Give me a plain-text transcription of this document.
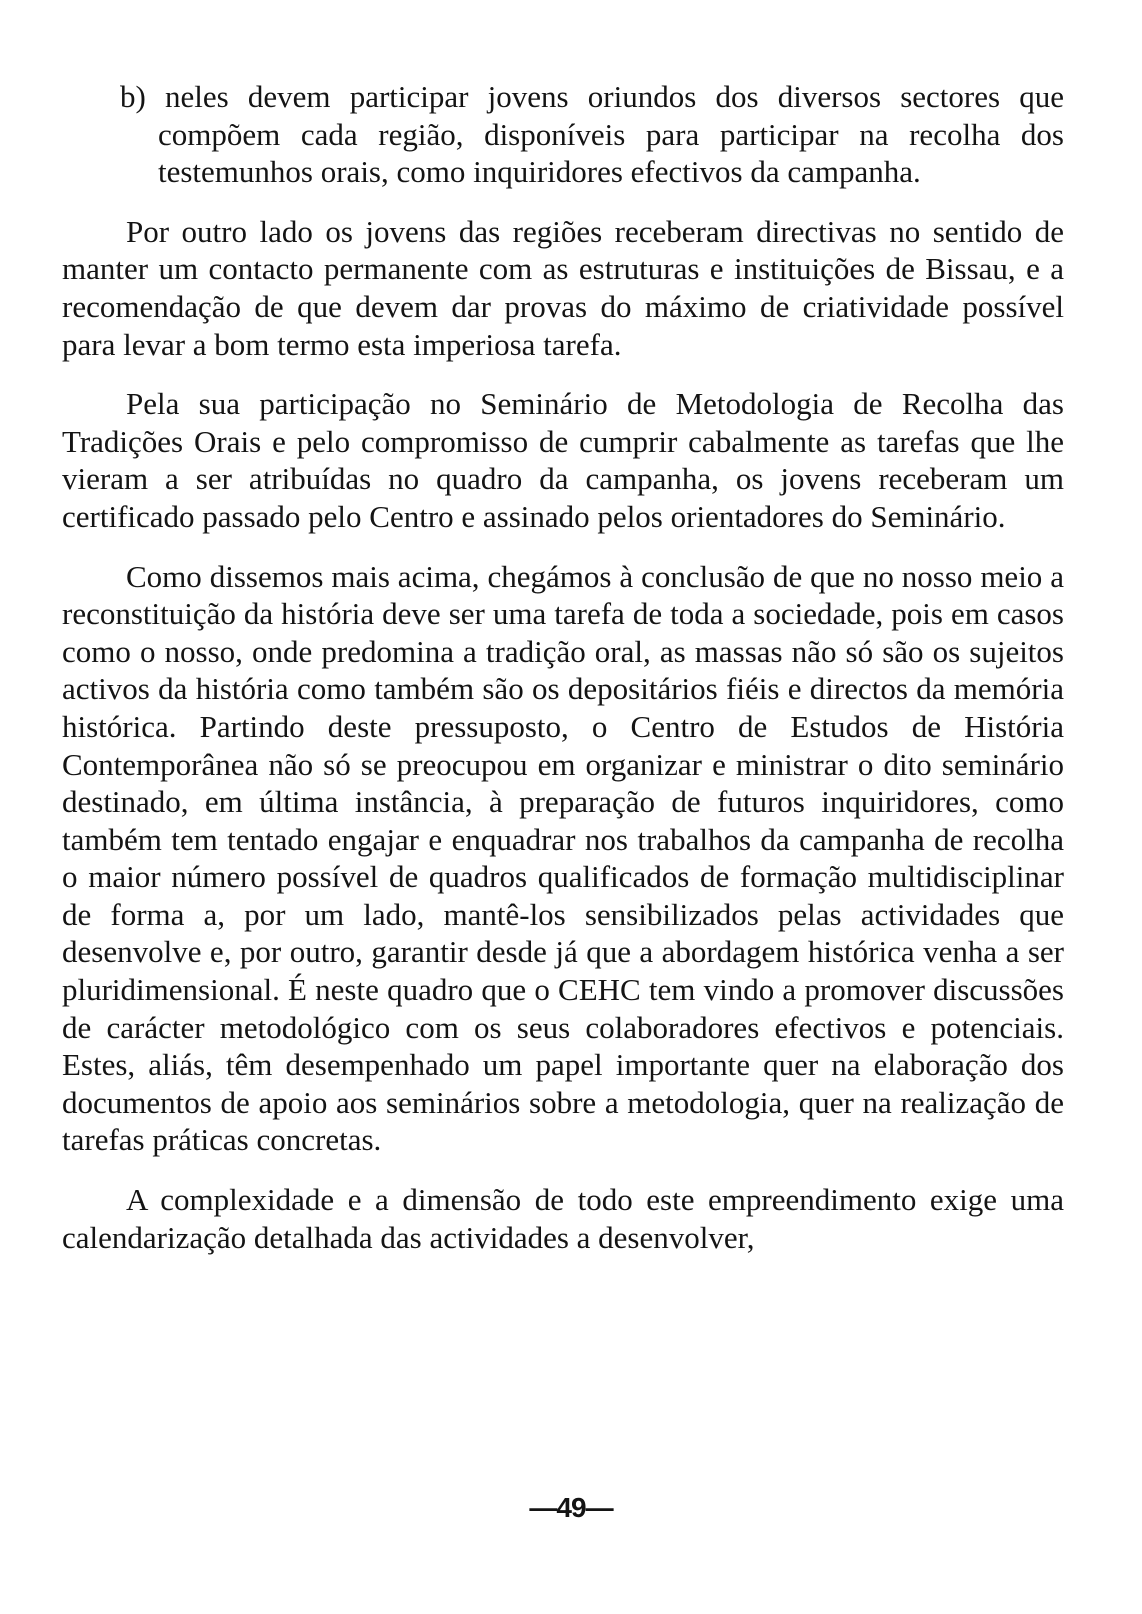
b) neles devem participar jovens oriundos dos diversos sectores que compõem cada região, disponíveis para participar na recolha dos testemunhos orais, como inquiridores efectivos da campanha.

Por outro lado os jovens das regiões receberam directivas no sentido de manter um contacto permanente com as estruturas e instituições de Bissau, e a recomendação de que devem dar provas do máximo de criatividade possível para levar a bom termo esta imperiosa tarefa.

Pela sua participação no Seminário de Metodologia de Recolha das Tradições Orais e pelo compromisso de cumprir cabalmente as tarefas que lhe vieram a ser atribuídas no quadro da campanha, os jovens receberam um certificado passado pelo Centro e assinado pelos orientadores do Seminário.

Como dissemos mais acima, chegámos à conclusão de que no nosso meio a reconstituição da história deve ser uma tarefa de toda a sociedade, pois em casos como o nosso, onde predomina a tradição oral, as massas não só são os sujeitos activos da história como também são os depositários fiéis e directos da memória histórica. Partindo deste pressuposto, o Centro de Estudos de História Contemporânea não só se preocupou em organizar e ministrar o dito seminário destinado, em última instância, à preparação de futuros inquiridores, como também tem tentado engajar e enquadrar nos trabalhos da campanha de recolha o maior número possível de quadros qualificados de formação multidisciplinar de forma a, por um lado, mantê-los sensibilizados pelas actividades que desenvolve e, por outro, garantir desde já que a abordagem histórica venha a ser pluridimensional. É neste quadro que o CEHC tem vindo a promover discussões de carácter metodológico com os seus colaboradores efectivos e potenciais. Estes, aliás, têm desempenhado um papel importante quer na elaboração dos documentos de apoio aos seminários sobre a metodologia, quer na realização de tarefas práticas concretas.

A complexidade e a dimensão de todo este empreendimento exige uma calendarização detalhada das actividades a desenvolver,

—49—
